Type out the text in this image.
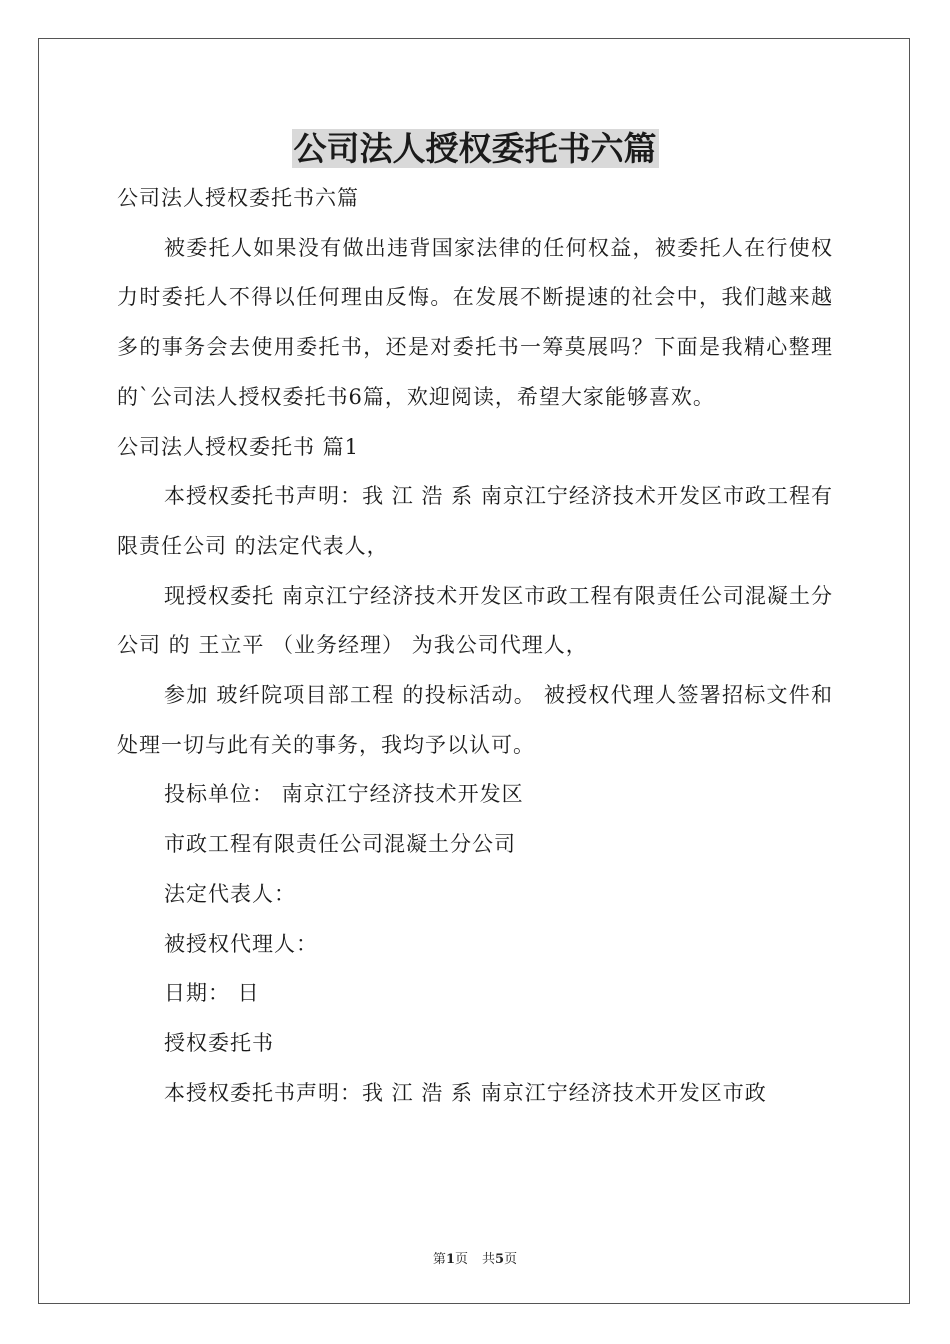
公司法人授权委托书六篇

公司法人授权委托书六篇

被委托人如果没有做出违背国家法律的任何权益，被委托人在行使权力时委托人不得以任何理由反悔。在发展不断提速的社会中，我们越来越多的事务会去使用委托书，还是对委托书一筹莫展吗？下面是我精心整理的`公司法人授权委托书6篇，欢迎阅读，希望大家能够喜欢。

公司法人授权委托书 篇1

本授权委托书声明：我 江 浩 系 南京江宁经济技术开发区市政工程有限责任公司 的法定代表人，

现授权委托 南京江宁经济技术开发区市政工程有限责任公司混凝土分公司 的 王立平 （业务经理） 为我公司代理人，

参加 玻纤院项目部工程 的投标活动。 被授权代理人签署招标文件和处理一切与此有关的事务，我均予以认可。

投标单位： 南京江宁经济技术开发区

市政工程有限责任公司混凝土分公司

法定代表人：

被授权代理人：

日期： 日

授权委托书

本授权委托书声明：我 江 浩 系 南京江宁经济技术开发区市政

第1页 共5页
